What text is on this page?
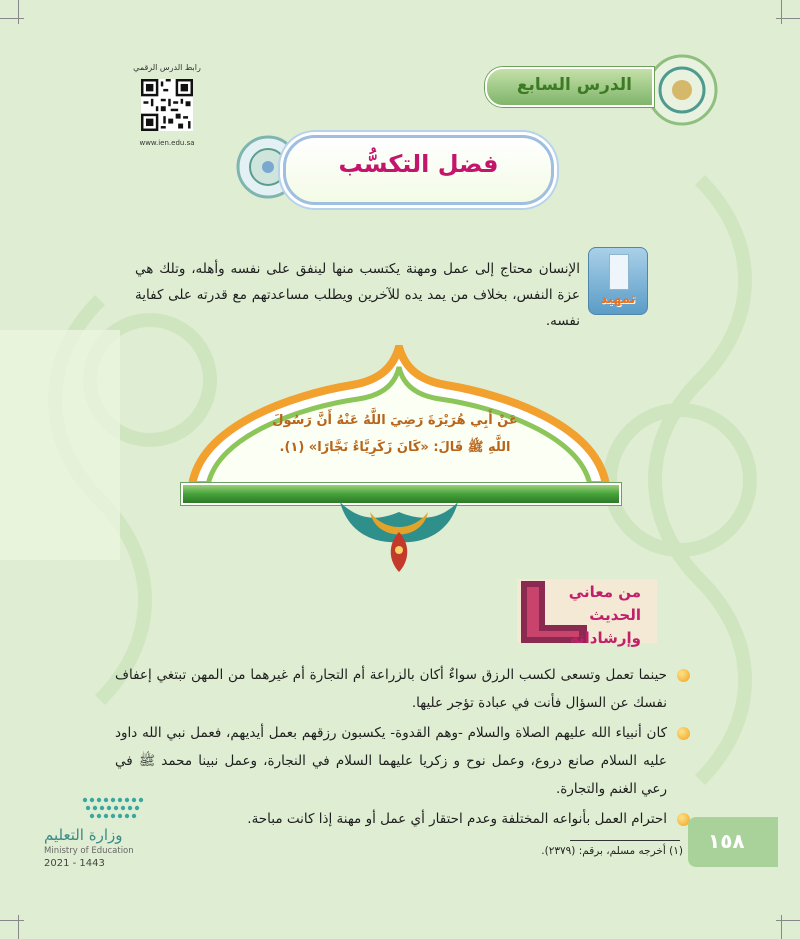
رابط الدرس الرقمي
www.ien.edu.sa
الدرس السابع
فضل التكسُّب
تمهيد
الإنسان محتاج إلى عمل ومهنة يكتسب منها لينفق على نفسه وأهله، وتلك هي عزة النفس، بخلاف من يمد يده للآخرين ويطلب مساعدتهم مع قدرته على كفاية نفسه.
عَنْ أَبِي هُرَيْرَةَ رَضِيَ اللَّهُ عَنْهُ أَنَّ رَسُولَ
اللَّهِ ﷺ قَالَ: «كَانَ زَكَرِيَّاءُ نَجَّارًا» (١).
من معاني الحديث
وإرشاداته
حينما تعمل وتسعى لكسب الرزق سواءٌ أكان بالزراعة أم التجارة أم غيرهما من المهن تبتغي إعفاف نفسك عن السؤال فأنت في عبادة تؤجر عليها.
كان أنبياء الله عليهم الصلاة والسلام -وهم القدوة- يكسبون رزقهم بعمل أيديهم، فعمل نبي الله داود عليه السلام صانع دروع، وعمل نوح و زكريا عليهما السلام في النجارة، وعمل نبينا محمد ﷺ في رعي الغنم والتجارة.
احترام العمل بأنواعه المختلفة وعدم احتقار أي عمل أو مهنة إذا كانت مباحة.
١٥٨
(١) أخرجه مسلم، برقم: (٢٣٧٩).
وزارة التعليم
Ministry of Education
2021 - 1443
